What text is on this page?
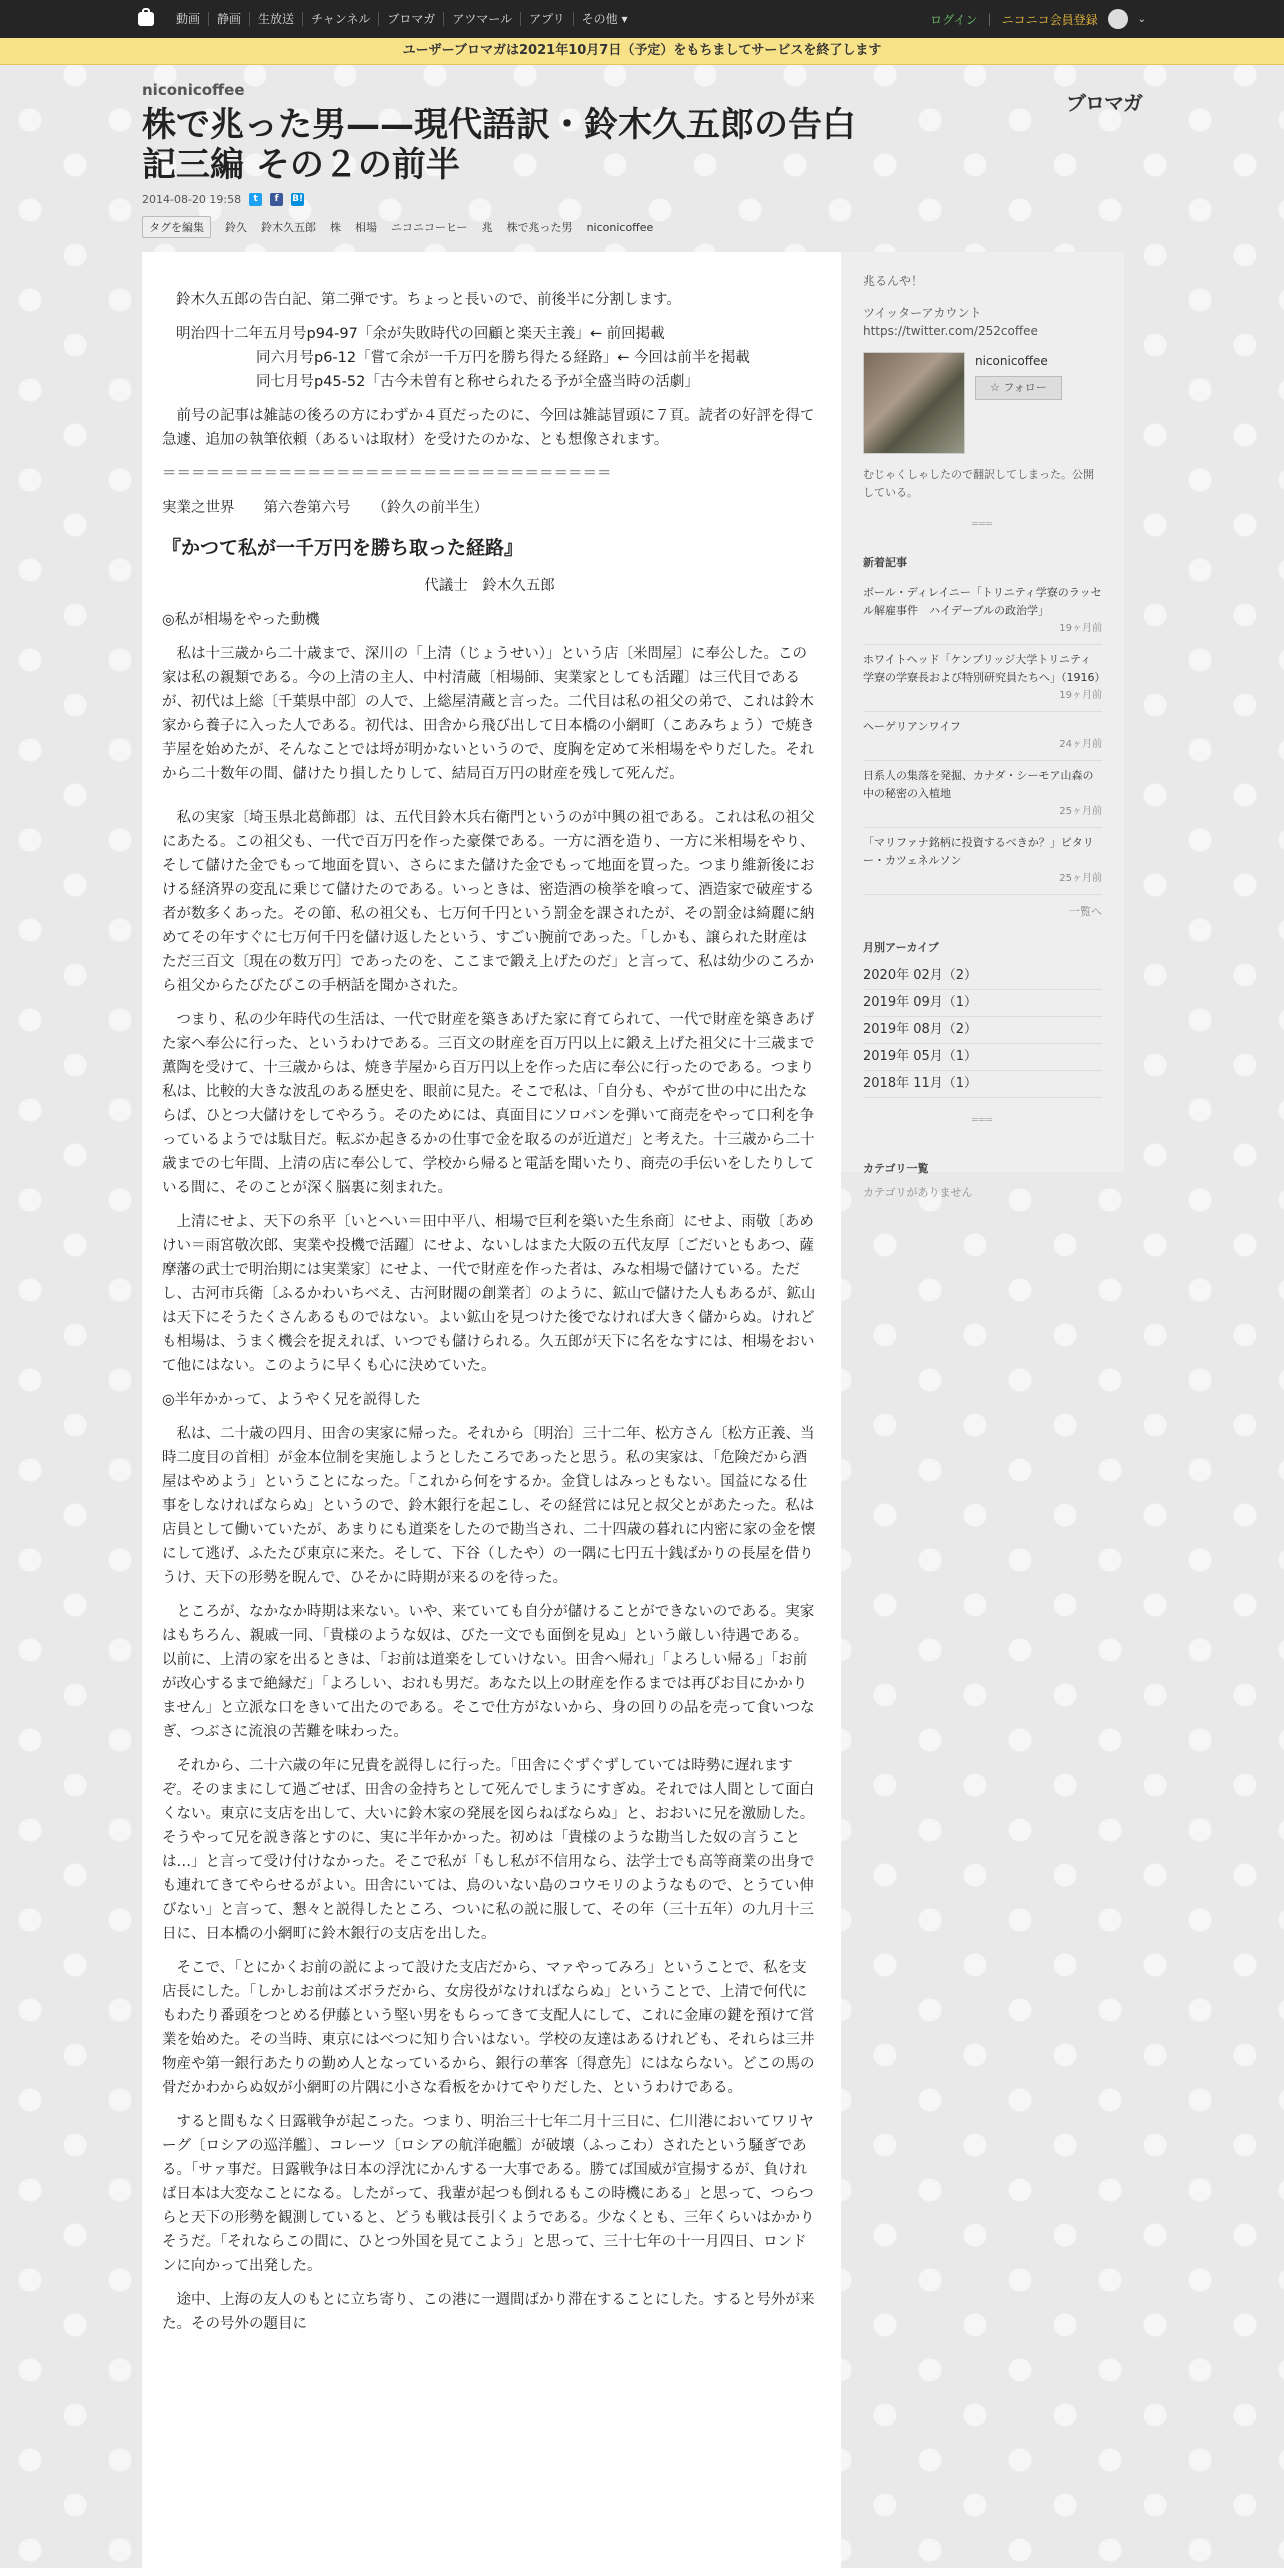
動画 静画 生放送 チャンネル ブロマガ アツマール アプリ その他 ▾	ログイン | ニコニコ会員登録	⌄
ユーザーブロマガは2021年10月7日（予定）をもちましてサービスを終了します
niconicoffee
ブロマガ
株で兆った男——現代語訳・鈴木久五郎の告白記三編 その２の前半
2014-08-20 19:58	t	f	B!
タグを編集	鈴久 鈴木久五郎 株 相場 ニコニコーヒー 兆 株で兆った男 niconicoffee

鈴木久五郎の告白記、第二弾です。ちょっと長いので、前後半に分割します。

明治四十二年五月号p94-97「余が失敗時代の回顧と楽天主義」← 前回掲載

同六月号p6-12「嘗て余が一千万円を勝ち得たる経路」← 今回は前半を掲載

同七月号p45-52「古今未曽有と称せられたる予が全盛当時の活劇」

前号の記事は雑誌の後ろの方にわずか４頁だったのに、今回は雑誌冒頭に７頁。読者の好評を得て急遽、追加の執筆依頼（あるいは取材）を受けたのかな、とも想像されます。

＝＝＝＝＝＝＝＝＝＝＝＝＝＝＝＝＝＝＝＝＝＝＝＝＝＝＝＝＝＝＝

実業之世界　　第六巻第六号　　（鈴久の前半生）

『かつて私が一千万円を勝ち取った経路』

代議士　鈴木久五郎

◎私が相場をやった動機

私は十三歳から二十歳まで、深川の「上清（じょうせい）」という店〔米問屋〕に奉公した。この家は私の親類である。今の上清の主人、中村清蔵〔相場師、実業家としても活躍〕は三代目であるが、初代は上総〔千葉県中部〕の人で、上総屋清蔵と言った。二代目は私の祖父の弟で、これは鈴木家から養子に入った人である。初代は、田舎から飛び出して日本橋の小網町（こあみちょう）で焼き芋屋を始めたが、そんなことでは埒が明かないというので、度胸を定めて米相場をやりだした。それから二十数年の間、儲けたり損したりして、結局百万円の財産を残して死んだ。

私の実家〔埼玉県北葛飾郡〕は、五代目鈴木兵右衛門というのが中興の祖である。これは私の祖父にあたる。この祖父も、一代で百万円を作った豪傑である。一方に酒を造り、一方に米相場をやり、そして儲けた金でもって地面を買い、さらにまた儲けた金でもって地面を買った。つまり維新後における経済界の変乱に乗じて儲けたのである。いっときは、密造酒の検挙を喰って、酒造家で破産する者が数多くあった。その節、私の祖父も、七万何千円という罰金を課されたが、その罰金は綺麗に納めてその年すぐに七万何千円を儲け返したという、すごい腕前であった。「しかも、譲られた財産はただ三百文〔現在の数万円〕であったのを、ここまで鍛え上げたのだ」と言って、私は幼少のころから祖父からたびたびこの手柄話を聞かされた。

つまり、私の少年時代の生活は、一代で財産を築きあげた家に育てられて、一代で財産を築きあげた家へ奉公に行った、というわけである。三百文の財産を百万円以上に鍛え上げた祖父に十三歳まで薫陶を受けて、十三歳からは、焼き芋屋から百万円以上を作った店に奉公に行ったのである。つまり私は、比較的大きな波乱のある歴史を、眼前に見た。そこで私は、「自分も、やがて世の中に出たならば、ひとつ大儲けをしてやろう。そのためには、真面目にソロバンを弾いて商売をやって口利を争っているようでは駄目だ。転ぶか起きるかの仕事で金を取るのが近道だ」と考えた。十三歳から二十歳までの七年間、上清の店に奉公して、学校から帰ると電話を聞いたり、商売の手伝いをしたりしている間に、そのことが深く脳裏に刻まれた。

上清にせよ、天下の糸平〔いとへい＝田中平八、相場で巨利を築いた生糸商〕にせよ、雨敬〔あめけい＝雨宮敬次郎、実業や投機で活躍〕にせよ、ないしはまた大阪の五代友厚〔ごだいともあつ、薩摩藩の武士で明治期には実業家〕にせよ、一代で財産を作った者は、みな相場で儲けている。ただし、古河市兵衛〔ふるかわいちべえ、古河財閥の創業者〕のように、鉱山で儲けた人もあるが、鉱山は天下にそうたくさんあるものではない。よい鉱山を見つけた後でなければ大きく儲からぬ。けれども相場は、うまく機会を捉えれば、いつでも儲けられる。久五郎が天下に名をなすには、相場をおいて他にはない。このように早くも心に決めていた。

◎半年かかって、ようやく兄を説得した

私は、二十歳の四月、田舎の実家に帰った。それから〔明治〕三十二年、松方さん〔松方正義、当時二度目の首相〕が金本位制を実施しようとしたころであったと思う。私の実家は、「危険だから酒屋はやめよう」ということになった。「これから何をするか。金貸しはみっともない。国益になる仕事をしなければならぬ」というので、鈴木銀行を起こし、その経営には兄と叔父とがあたった。私は店員として働いていたが、あまりにも道楽をしたので勘当され、二十四歳の暮れに内密に家の金を懐にして逃げ、ふたたび東京に来た。そして、下谷（したや）の一隅に七円五十銭ばかりの長屋を借りうけ、天下の形勢を睨んで、ひそかに時期が来るのを待った。

ところが、なかなか時期は来ない。いや、来ていても自分が儲けることができないのである。実家はもちろん、親戚一同、「貴様のような奴は、びた一文でも面倒を見ぬ」という厳しい待遇である。以前に、上清の家を出るときは、「お前は道楽をしていけない。田舎へ帰れ」「よろしい帰る」「お前が改心するまで絶縁だ」「よろしい、おれも男だ。あなた以上の財産を作るまでは再びお目にかかりません」と立派な口をきいて出たのである。そこで仕方がないから、身の回りの品を売って食いつなぎ、つぶさに流浪の苦難を味わった。

それから、二十六歳の年に兄貴を説得しに行った。「田舎にぐずぐずしていては時勢に遅れますぞ。そのままにして過ごせば、田舎の金持ちとして死んでしまうにすぎぬ。それでは人間として面白くない。東京に支店を出して、大いに鈴木家の発展を図らねばならぬ」と、おおいに兄を激励した。そうやって兄を説き落とすのに、実に半年かかった。初めは「貴様のような勘当した奴の言うことは…」と言って受け付けなかった。そこで私が「もし私が不信用なら、法学士でも高等商業の出身でも連れてきてやらせるがよい。田舎にいては、鳥のいない島のコウモリのようなもので、とうてい伸びない」と言って、懇々と説得したところ、ついに私の説に服して、その年（三十五年）の九月十三日に、日本橋の小網町に鈴木銀行の支店を出した。

そこで、「とにかくお前の説によって設けた支店だから、マァやってみろ」ということで、私を支店長にした。「しかしお前はズボラだから、女房役がなければならぬ」ということで、上清で何代にもわたり番頭をつとめる伊藤という堅い男をもらってきて支配人にして、これに金庫の鍵を預けて営業を始めた。その当時、東京にはべつに知り合いはない。学校の友達はあるけれども、それらは三井物産や第一銀行あたりの勤め人となっているから、銀行の華客〔得意先〕にはならない。どこの馬の骨だかわからぬ奴が小網町の片隅に小さな看板をかけてやりだした、というわけである。

すると間もなく日露戦争が起こった。つまり、明治三十七年二月十三日に、仁川港においてワリヤーグ〔ロシアの巡洋艦〕、コレーツ〔ロシアの航洋砲艦〕が破壊（ふっこわ）されたという騒ぎである。「サァ事だ。日露戦争は日本の浮沈にかんする一大事である。勝てば国威が宣揚するが、負ければ日本は大変なことになる。したがって、我輩が起つも倒れるもこの時機にある」と思って、つらつらと天下の形勢を観測していると、どうも戦は長引くようである。少なくとも、三年くらいはかかりそうだ。「それならこの間に、ひとつ外国を見てこよう」と思って、三十七年の十一月四日、ロンドンに向かって出発した。

途中、上海の友人のもとに立ち寄り、この港に一週間ばかり滞在することにした。すると号外が来た。その号外の題目に

兆るんや！
ツイッターアカウント https://twitter.com/252coffee
niconicoffee
☆ フォロー
むじゃくしゃしたので翻訳してしまった。公開している。
═══
新着記事
ボール・ディレイニー「トリニティ学寮のラッセル解雇事件　ハイデーブルの政治学」
19ヶ月前
ホワイトヘッド「ケンブリッジ大学トリニティ学寮の学寮長および特別研究員たちへ」（1916）
19ヶ月前
ヘーゲリアンワイフ
24ヶ月前
日系人の集落を発掘、カナダ・シーモア山森の中の秘密の入植地
25ヶ月前
「マリファナ銘柄に投資するべきか？」ピタリー・カツェネルソン
25ヶ月前
一覧へ
月別アーカイブ
2020年 02月（2）
2019年 09月（1）
2019年 08月（2）
2019年 05月（1）
2018年 11月（1）
═══
カテゴリ一覧
カテゴリがありません
